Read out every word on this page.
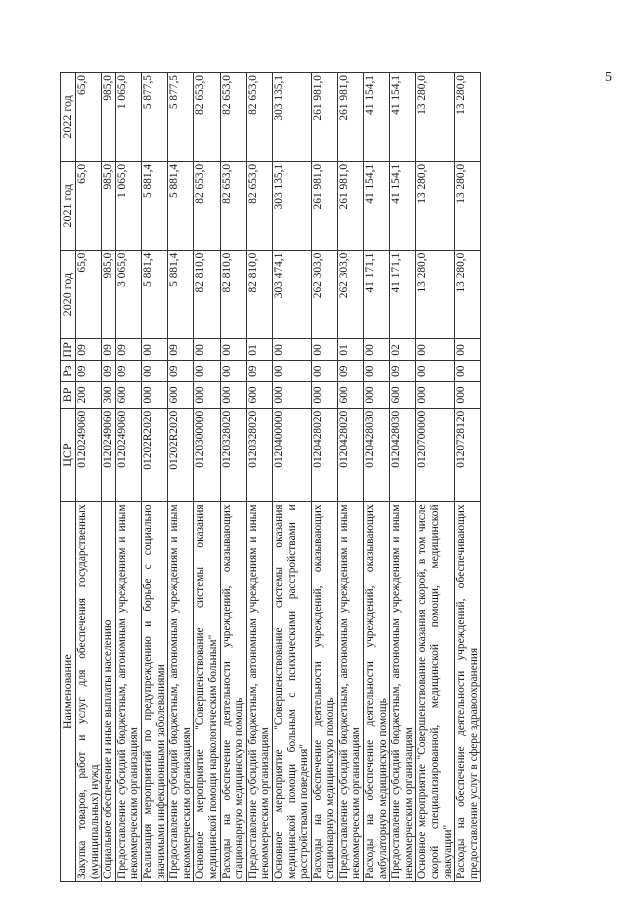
5
Наименование	ЦСР	ВР	Рз	ПР	2020 год	2021 год	2022 год
Закупка товаров, работ и услуг для обеспечения государственных (муниципальных) нужд	0120249060	200	09	09	65,0	65,0	65,0
Социальное обеспечение и иные выплаты населению	0120249060	300	09	09	985,0	985,0	985,0
Предоставление субсидий бюджетным, автономным учреждениям и иным некоммерческим организациям	0120249060	600	09	09	3 065,0	1 065,0	1 065,0
Реализация мероприятий по предупреждению и борьбе с социально значимыми инфекционными заболеваниями	01202R2020	000	00	00	5 881,4	5 881,4	5 877,5
Предоставление субсидий бюджетным, автономным учреждениям и иным некоммерческим организациям	01202R2020	600	09	09	5 881,4	5 881,4	5 877,5
Основное мероприятие "Совершенствование системы оказания медицинской помощи наркологическим больным"	0120300000	000	00	00	82 810,0	82 653,0	82 653,0
Расходы на обеспечение деятельности учреждений, оказывающих стационарную медицинскую помощь	0120328020	000	00	00	82 810,0	82 653,0	82 653,0
Предоставление субсидий бюджетным, автономным учреждениям и иным некоммерческим организациям	0120328020	600	09	01	82 810,0	82 653,0	82 653,0
Основное мероприятие "Совершенствование системы оказания медицинской помощи больным с психическими расстройствами и расстройствами поведения"	0120400000	000	00	00	303 474,1	303 135,1	303 135,1
Расходы на обеспечение деятельности учреждений, оказывающих стационарную медицинскую помощь	0120428020	000	00	00	262 303,0	261 981,0	261 981,0
Предоставление субсидий бюджетным, автономным учреждениям и иным некоммерческим организациям	0120428020	600	09	01	262 303,0	261 981,0	261 981,0
Расходы на обеспечение деятельности учреждений, оказывающих амбулаторную медицинскую помощь	0120428030	000	00	00	41 171,1	41 154,1	41 154,1
Предоставление субсидий бюджетным, автономным учреждениям и иным некоммерческим организациям	0120428030	600	09	02	41 171,1	41 154,1	41 154,1
Основное мероприятие "Совершенствование оказания скорой, в том числе скорой специализированной, медицинской помощи, медицинской эвакуации"	0120700000	000	00	00	13 280,0	13 280,0	13 280,0
Расходы на обеспечение деятельности учреждений, обеспечивающих предоставление услуг в сфере здравоохранения	0120728120	000	00	00	13 280,0	13 280,0	13 280,0
